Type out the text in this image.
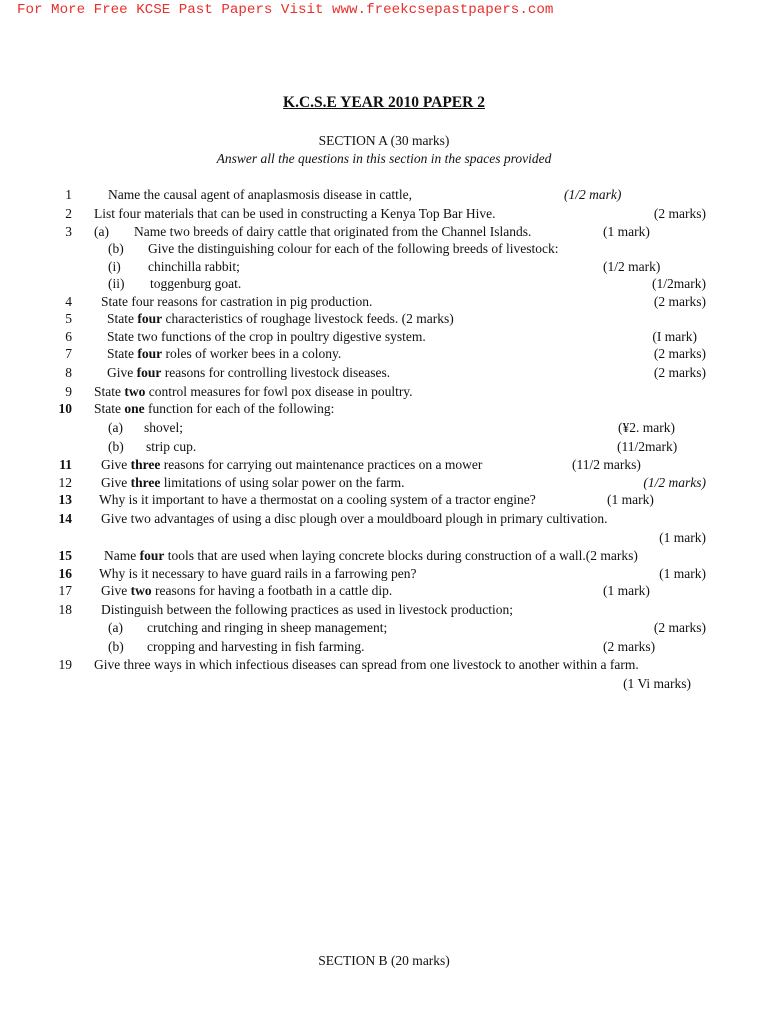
For More Free KCSE Past Papers Visit www.freekcsepastpapers.com
K.C.S.E YEAR 2010 PAPER 2
SECTION A (30 marks)
Answer all the questions in this section in the spaces provided
1	Name the causal agent of anaplasmosis disease in cattle,	(1/2 mark)
2 List four materials that can be used in constructing a Kenya Top Bar Hive.	(2 marks)
3 (a) Name two breeds of dairy cattle that originated from the Channel Islands.	(1 mark)
(b) Give the distinguishing colour for each of the following breeds of livestock:
(i) chinchilla rabbit;	(1/2 mark)
(ii) toggenburg goat.	(1/2mark)
4 State four reasons for castration in pig production.	(2 marks)
5	State four characteristics of roughage livestock feeds. (2 marks)
6	State two functions of the crop in poultry digestive system.	(I mark)
7	State four roles of worker bees in a colony.	(2 marks)
8	Give four reasons for controlling livestock diseases.	(2 marks)
9 State two control measures for fowl pox disease in poultry.
10 State one function for each of the following:
(a) shovel;	(¥2. mark)
(b) strip cup.	(11/2mark)
11 Give three reasons for carrying out maintenance practices on a mower	(11/2 marks)
12 Give three limitations of using solar power on the farm.	(1/2 marks)
13 Why is it important to have a thermostat on a cooling system of a tractor engine?	(1 mark)
14 Give two advantages of using a disc plough over a mouldboard plough in primary cultivation.
(1 mark)
15 Name four tools that are used when laying concrete blocks during construction of a wall.(2 marks)
16 Why is it necessary to have guard rails in a farrowing pen?	(1 mark)
17 Give two reasons for having a footbath in a cattle dip.	(1 mark)
18 Distinguish between the following practices as used in livestock production;
(a) crutching and ringing in sheep management;	(2 marks)
(b) cropping and harvesting in fish farming.	(2 marks)
19 Give three ways in which infectious diseases can spread from one livestock to another within a farm.
(1 Vi marks)
SECTION B (20 marks)
